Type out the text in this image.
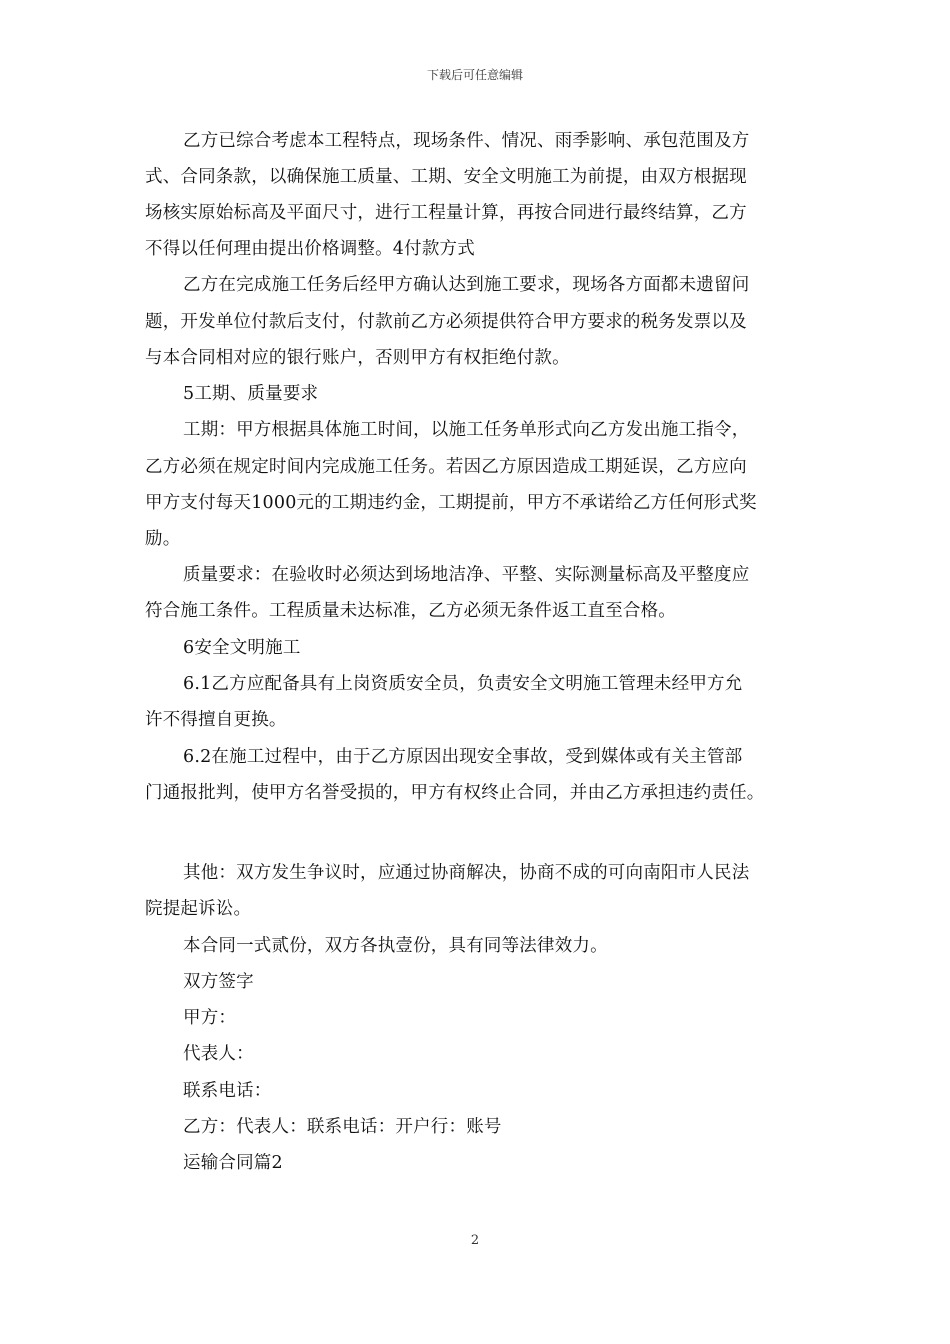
下载后可任意编辑
乙方已综合考虑本工程特点，现场条件、情况、雨季影响、承包范围及方
式、合同条款，以确保施工质量、工期、安全文明施工为前提，由双方根据现
场核实原始标高及平面尺寸，进行工程量计算，再按合同进行最终结算，乙方
不得以任何理由提出价格调整。4付款方式
乙方在完成施工任务后经甲方确认达到施工要求，现场各方面都未遗留问
题，开发单位付款后支付，付款前乙方必须提供符合甲方要求的税务发票以及
与本合同相对应的银行账户，否则甲方有权拒绝付款。
5工期、质量要求
工期：甲方根据具体施工时间，以施工任务单形式向乙方发出施工指令，
乙方必须在规定时间内完成施工任务。若因乙方原因造成工期延误，乙方应向
甲方支付每天1000元的工期违约金，工期提前，甲方不承诺给乙方任何形式奖
励。
质量要求：在验收时必须达到场地洁净、平整、实际测量标高及平整度应
符合施工条件。工程质量未达标准，乙方必须无条件返工直至合格。
6安全文明施工
6.1乙方应配备具有上岗资质安全员，负责安全文明施工管理未经甲方允
许不得擅自更换。
6.2在施工过程中，由于乙方原因出现安全事故，受到媒体或有关主管部
门通报批判，使甲方名誉受损的，甲方有权终止合同，并由乙方承担违约责任。
其他：双方发生争议时，应通过协商解决，协商不成的可向南阳市人民法
院提起诉讼。
本合同一式贰份，双方各执壹份，具有同等法律效力。
双方签字
甲方：
代表人：
联系电话：
乙方：代表人：联系电话：开户行：账号
运输合同篇2
2
